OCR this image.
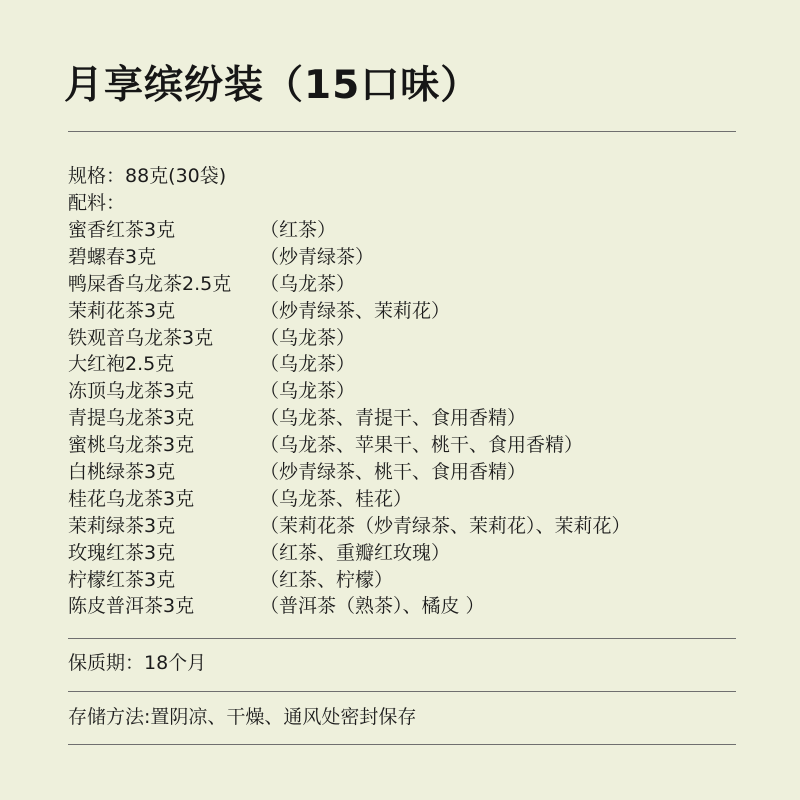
月享缤纷装（15口味）
规格：88克(30袋)
配料：
蜜香红茶3克	（红茶）
碧螺春3克	（炒青绿茶）
鸭屎香乌龙茶2.5克 （乌龙茶）
茉莉花茶3克	（炒青绿茶、茉莉花）
铁观音乌龙茶3克 （乌龙茶）
大红袍2.5克	（乌龙茶）
冻顶乌龙茶3克	（乌龙茶）
青提乌龙茶3克	（乌龙茶、青提干、食用香精）
蜜桃乌龙茶3克	（乌龙茶、苹果干、桃干、食用香精）
白桃绿茶3克	（炒青绿茶、桃干、食用香精）
桂花乌龙茶3克	（乌龙茶、桂花）
茉莉绿茶3克	（茉莉花茶（炒青绿茶、茉莉花）、茉莉花）
玫瑰红茶3克	（红茶、重瓣红玫瑰）
柠檬红茶3克	（红茶、柠檬）
陈皮普洱茶3克	（普洱茶（熟茶）、橘皮 ）
保质期：18个月
存储方法:置阴凉、干燥、通风处密封保存
